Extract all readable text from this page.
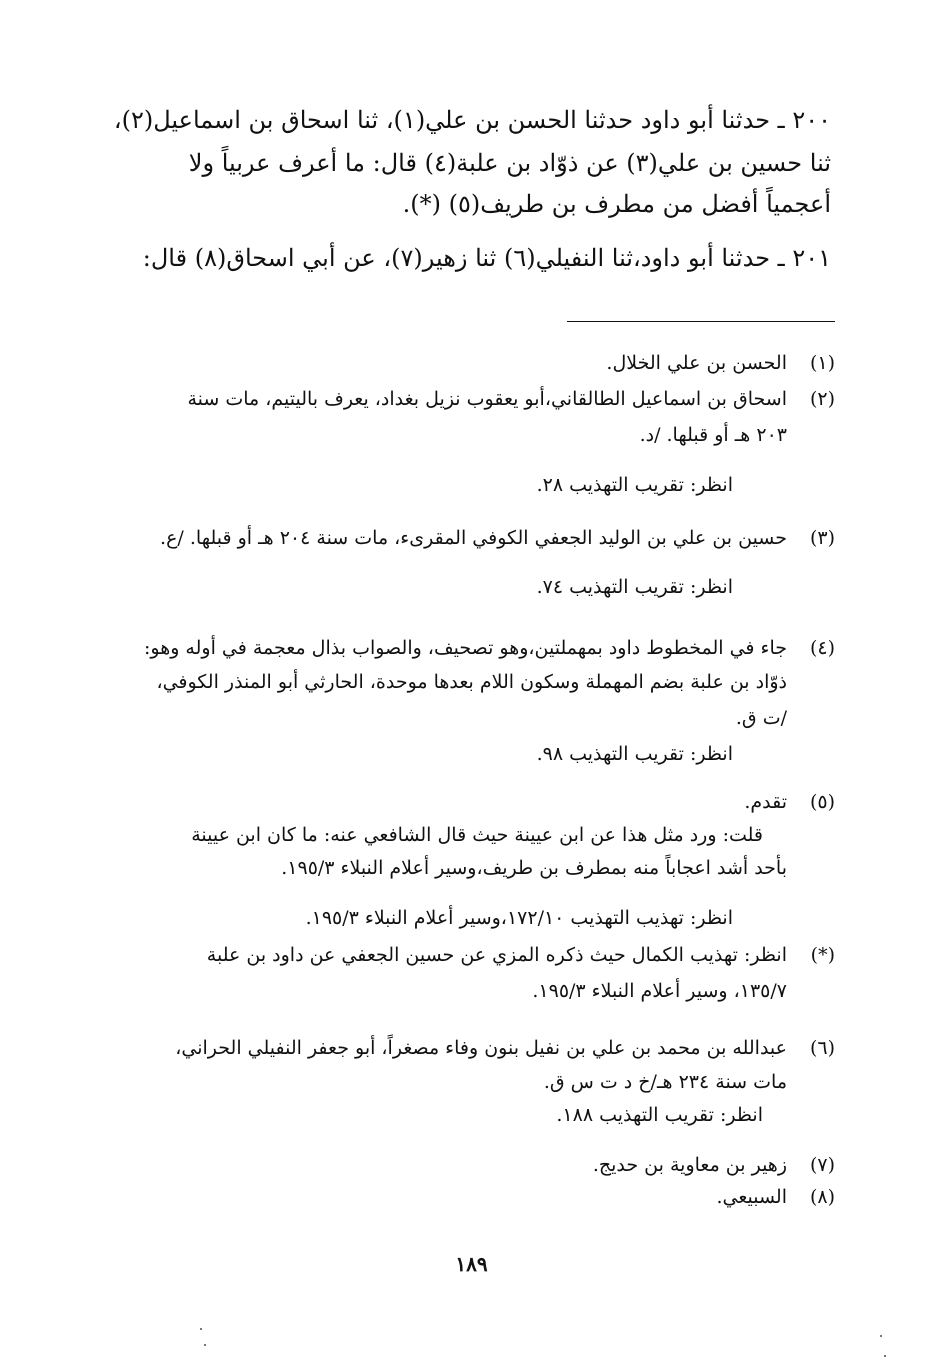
٢٠٠ ـ حدثنا أبو داود حدثنا الحسن بن علي(١)، ثنا اسحاق بن اسماعيل(٢)،
ثنا حسين بن علي(٣) عن ذوّاد بن علبة(٤) قال: ما أعرف عربياً ولا
أعجمياً أفضل من مطرف بن طريف(٥) (*).
٢٠١ ـ حدثنا أبو داود،ثنا النفيلي(٦) ثنا زهير(٧)، عن أبي اسحاق(٨) قال:
(١)
الحسن بن علي الخلال.
(٢)
اسحاق بن اسماعيل الطالقاني،أبو يعقوب نزيل بغداد، يعرف باليتيم، مات سنة
٢٠٣ هـ أو قبلها. /د.
انظر: تقريب التهذيب ٢٨.
(٣)
حسين بن علي بن الوليد الجعفي الكوفي المقرىء، مات سنة ٢٠٤ هـ أو قبلها. /ع.
انظر: تقريب التهذيب ٧٤.
(٤)
جاء في المخطوط داود بمهملتين،وهو تصحيف، والصواب بذال معجمة في أوله وهو:
ذوّاد بن علبة بضم المهملة وسكون اللام بعدها موحدة، الحارثي أبو المنذر الكوفي،
/ت ق.
انظر: تقريب التهذيب ٩٨.
(٥)
تقدم.
قلت: ورد مثل هذا عن ابن عيينة حيث قال الشافعي عنه: ما كان ابن عيينة
بأحد أشد اعجاباً منه بمطرف بن طريف،وسير أعلام النبلاء ١٩٥/٣.
انظر: تهذيب التهذيب ١٧٢/١٠،وسير أعلام النبلاء ١٩٥/٣.
(*)
انظر: تهذيب الكمال حيث ذكره المزي عن حسين الجعفي عن داود بن علبة
١٣٥/٧، وسير أعلام النبلاء ١٩٥/٣.
(٦)
عبدالله بن محمد بن علي بن نفيل بنون وفاء مصغراً، أبو جعفر النفيلي الحراني،
مات سنة ٢٣٤ هـ/خ د ت س ق.
انظر: تقريب التهذيب ١٨٨.
(٧)
زهير بن معاوية بن حديج.
(٨)
السبيعي.
١٨٩
